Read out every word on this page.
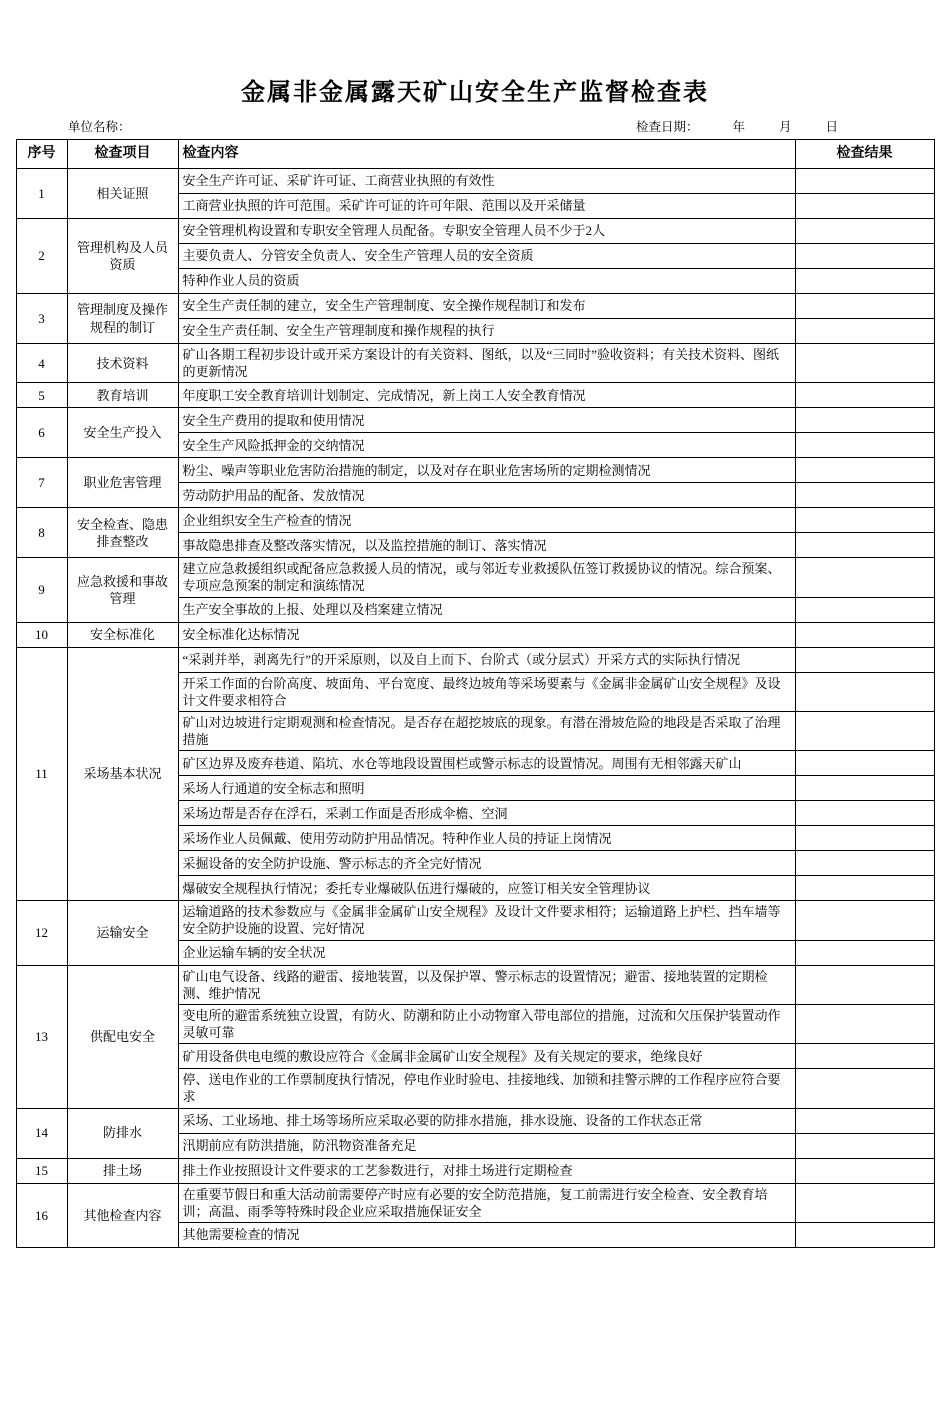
金属非金属露天矿山安全生产监督检查表
单位名称：	检查日期：	年	月	日
序号	检查项目	检查内容	检查结果
1	相关证照	安全生产许可证、采矿许可证、工商营业执照的有效性	
		工商营业执照的许可范围。采矿许可证的许可年限、范围以及开采储量	
2	管理机构及人员资质	安全管理机构设置和专职安全管理人员配备。专职安全管理人员不少于2人	
		主要负责人、分管安全负责人、安全生产管理人员的安全资质	
		特种作业人员的资质	
3	管理制度及操作规程的制订	安全生产责任制的建立，安全生产管理制度、安全操作规程制订和发布	
		安全生产责任制、安全生产管理制度和操作规程的执行	
4	技术资料	矿山各期工程初步设计或开采方案设计的有关资料、图纸，以及“三同时”验收资料；有关技术资料、图纸的更新情况	
5	教育培训	年度职工安全教育培训计划制定、完成情况，新上岗工人安全教育情况	
6	安全生产投入	安全生产费用的提取和使用情况	
		安全生产风险抵押金的交纳情况	
7	职业危害管理	粉尘、噪声等职业危害防治措施的制定，以及对存在职业危害场所的定期检测情况	
		劳动防护用品的配备、发放情况	
8	安全检查、隐患排查整改	企业组织安全生产检查的情况	
		事故隐患排查及整改落实情况，以及监控措施的制订、落实情况	
9	应急救援和事故管理	建立应急救援组织或配备应急救援人员的情况，或与邻近专业救援队伍签订救援协议的情况。综合预案、专项应急预案的制定和演练情况	
		生产安全事故的上报、处理以及档案建立情况	
10	安全标准化	安全标准化达标情况	
11	采场基本状况	“采剥并举，剥离先行”的开采原则，以及自上而下、台阶式（或分层式）开采方式的实际执行情况	
		开采工作面的台阶高度、坡面角、平台宽度、最终边坡角等采场要素与《金属非金属矿山安全规程》及设计文件要求相符合	
		矿山对边坡进行定期观测和检查情况。是否存在超挖坡底的现象。有潜在滑坡危险的地段是否采取了治理措施	
		矿区边界及废弃巷道、陷坑、水仓等地段设置围栏或警示标志的设置情况。周围有无相邻露天矿山	
		采场人行通道的安全标志和照明	
		采场边帮是否存在浮石，采剥工作面是否形成伞檐、空洞	
		采场作业人员佩戴、使用劳动防护用品情况。特种作业人员的持证上岗情况	
		采掘设备的安全防护设施、警示标志的齐全完好情况	
		爆破安全规程执行情况；委托专业爆破队伍进行爆破的，应签订相关安全管理协议	
12	运输安全	运输道路的技术参数应与《金属非金属矿山安全规程》及设计文件要求相符；运输道路上护栏、挡车墙等安全防护设施的设置、完好情况	
		企业运输车辆的安全状况	
13	供配电安全	矿山电气设备、线路的避雷、接地装置，以及保护罩、警示标志的设置情况；避雷、接地装置的定期检测、维护情况	
		变电所的避雷系统独立设置，有防火、防潮和防止小动物窜入带电部位的措施，过流和欠压保护装置动作灵敏可靠	
		矿用设备供电电缆的敷设应符合《金属非金属矿山安全规程》及有关规定的要求，绝缘良好	
		停、送电作业的工作票制度执行情况，停电作业时验电、挂接地线、加锁和挂警示牌的工作程序应符合要求	
14	防排水	采场、工业场地、排土场等场所应采取必要的防排水措施，排水设施、设备的工作状态正常	
		汛期前应有防洪措施，防汛物资准备充足	
15	排土场	排土作业按照设计文件要求的工艺参数进行，对排土场进行定期检查	
16	其他检查内容	在重要节假日和重大活动前需要停产时应有必要的安全防范措施，复工前需进行安全检查、安全教育培训；高温、雨季等特殊时段企业应采取措施保证安全	
		其他需要检查的情况	
